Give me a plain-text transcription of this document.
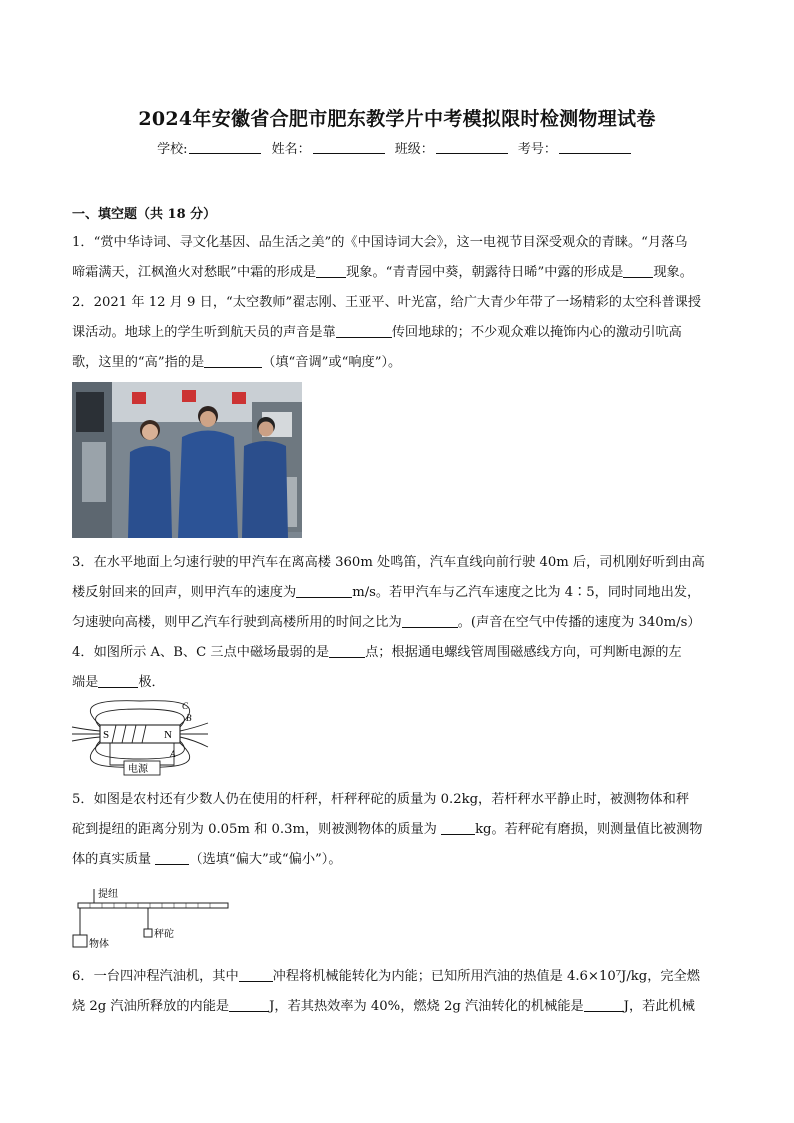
2024年安徽省合肥市肥东教学片中考模拟限时检测物理试卷
学校:	姓名：	班级：	考号：
一、填空题（共 18 分）
1．“赏中华诗词、寻文化基因、品生活之美”的《中国诗词大会》，这一电视节目深受观众的青睐。“月落乌
啼霜满天，江枫渔火对愁眠”中霜的形成是 现象。“青青园中葵，朝露待日晞”中露的形成是 现象。
2．2021 年 12 月 9 日，“太空教师”翟志刚、王亚平、叶光富，给广大青少年带了一场精彩的太空科普课授
课活动。地球上的学生听到航天员的声音是靠	传回地球的；不少观众难以掩饰内心的激动引吭高
歌，这里的“高”指的是	（填“音调”或“响度”）。
3．在水平地面上匀速行驶的甲汽车在离高楼 360m 处鸣笛，汽车直线向前行驶 40m 后，司机刚好听到由高
楼反射回来的回声，则甲汽车的速度为	m/s。若甲汽车与乙汽车速度之比为 4∶5，同时同地出发，
匀速驶向高楼，则甲乙汽车行驶到高楼所用的时间之比为	。(声音在空气中传播的速度为 340m/s）
4．如图所示 A、B、C 三点中磁场最弱的是	点；根据通电螺线管周围磁感线方向，可判断电源的左
端是	极．
S	N
C
B
A
电源
5．如图是农村还有少数人仍在使用的杆秤，杆秤秤砣的质量为 0.2kg，若杆秤水平静止时，被测物体和秤
砣到提纽的距离分别为 0.05m 和 0.3m，则被测物体的质量为	kg。若秤砣有磨损，则测量值比被测物
体的真实质量	（选填“偏大”或“偏小”）。
提纽
物体
秤砣
6．一台四冲程汽油机，其中	冲程将机械能转化为内能；已知所用汽油的热值是 4.6×10⁷J/kg，完全燃
烧 2g 汽油所释放的内能是	J，若其热效率为 40%，燃烧 2g 汽油转化的机械能是	J，若此机械
